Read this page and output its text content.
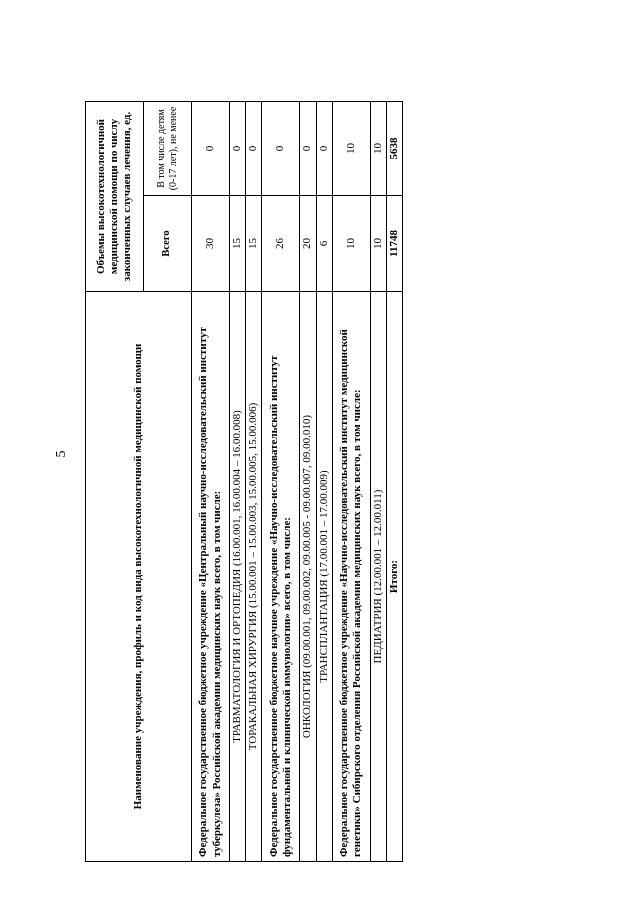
5	Наименование учреждения, профиль и код вида высокотехнологичной медицинской помощи	Объемы высокотехнологичной медицинской помощи по числу законченных случаев лечения, ед.	
	Всего	В том числе детям (0-17 лет), не менее
Федеральное государственное бюджетное учреждение «Центральный научно-исследовательский институт туберкулеза» Российской академии медицинских наук всего, в том числе:	30	0
ТРАВМАТОЛОГИЯ И ОРТОПЕДИЯ (16.00.001, 16.00.004 – 16.00.008)	15	0
ТОРАКАЛЬНАЯ ХИРУРГИЯ (15.00.001 – 15.00.003, 15.00.005, 15.00.006)	15	0
Федеральное государственное бюджетное научное учреждение «Научно-исследовательский институт фундаментальной и клинической иммунологии» всего, в том числе:	26	0
ОНКОЛОГИЯ (09.00.001, 09.00.002, 09.00.005 - 09.00.007, 09.00.010)	20	0
ТРАНСПЛАНТАЦИЯ (17.00.001 – 17.00.009)	6	0
Федеральное государственное бюджетное учреждение «Научно-исследовательский институт медицинской генетики» Сибирского отделения Российской академии медицинских наук всего, в том числе:	10	10
ПЕДИАТРИЯ (12.00.001 – 12.00.011)	10	10
Итого:	11748	5638
